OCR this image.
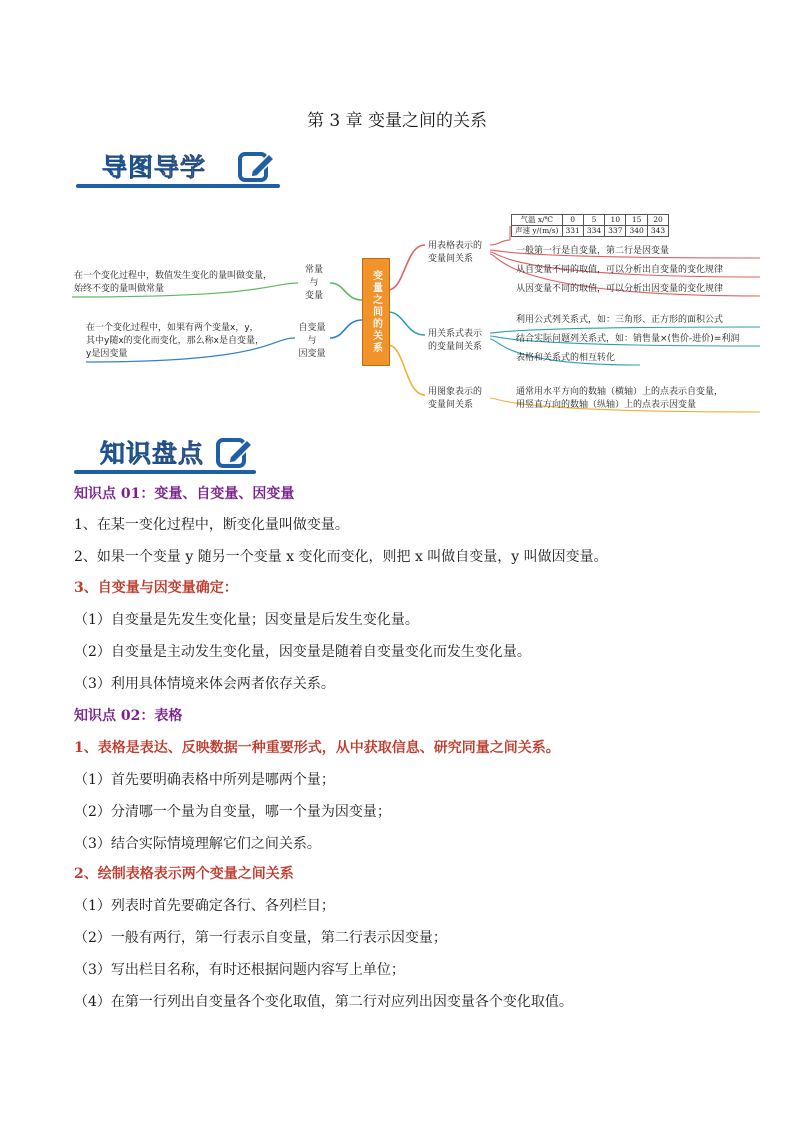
第 3 章 变量之间的关系
导图导学
变量之间的关系
常量
与
变量
在一个变化过程中，数值发生变化的量叫做变量，
始终不变的量叫做常量
自变量
与
因变量
在一个变化过程中，如果有两个变量x，y，
其中y随x的变化而变化，那么称x是自变量，
y是因变量
气温 x/℃	0	5	10	15	20
声速 y/(m/s)	331	334	337	340	343
用表格表示的
变量间关系
一般第一行是自变量，第二行是因变量
从自变量不同的取值，可以分析出自变量的变化规律
从因变量不同的取值，可以分析出因变量的变化规律
用关系式表示
的变量间关系
利用公式列关系式，如：三角形、正方形的面积公式
结合实际问题列关系式，如：销售量×(售价-进价)=利润
表格和关系式的相互转化
用图象表示的
变量间关系
通常用水平方向的数轴（横轴）上的点表示自变量，
用竖直方向的数轴（纵轴）上的点表示因变量
知识盘点
知识点 01：变量、自变量、因变量
1、在某一变化过程中，断变化量叫做变量。
2、如果一个变量 y 随另一个变量 x 变化而变化，则把 x 叫做自变量，y 叫做因变量。
3、自变量与因变量确定：
（1）自变量是先发生变化量；因变量是后发生变化量。
（2）自变量是主动发生变化量，因变量是随着自变量变化而发生变化量。
（3）利用具体情境来体会两者依存关系。
知识点 02：表格
1、表格是表达、反映数据一种重要形式，从中获取信息、研究同量之间关系。
（1）首先要明确表格中所列是哪两个量；
（2）分清哪一个量为自变量，哪一个量为因变量；
（3）结合实际情境理解它们之间关系。
2、绘制表格表示两个变量之间关系
（1）列表时首先要确定各行、各列栏目；
（2）一般有两行，第一行表示自变量，第二行表示因变量；
（3）写出栏目名称，有时还根据问题内容写上单位；
（4）在第一行列出自变量各个变化取值，第二行对应列出因变量各个变化取值。
